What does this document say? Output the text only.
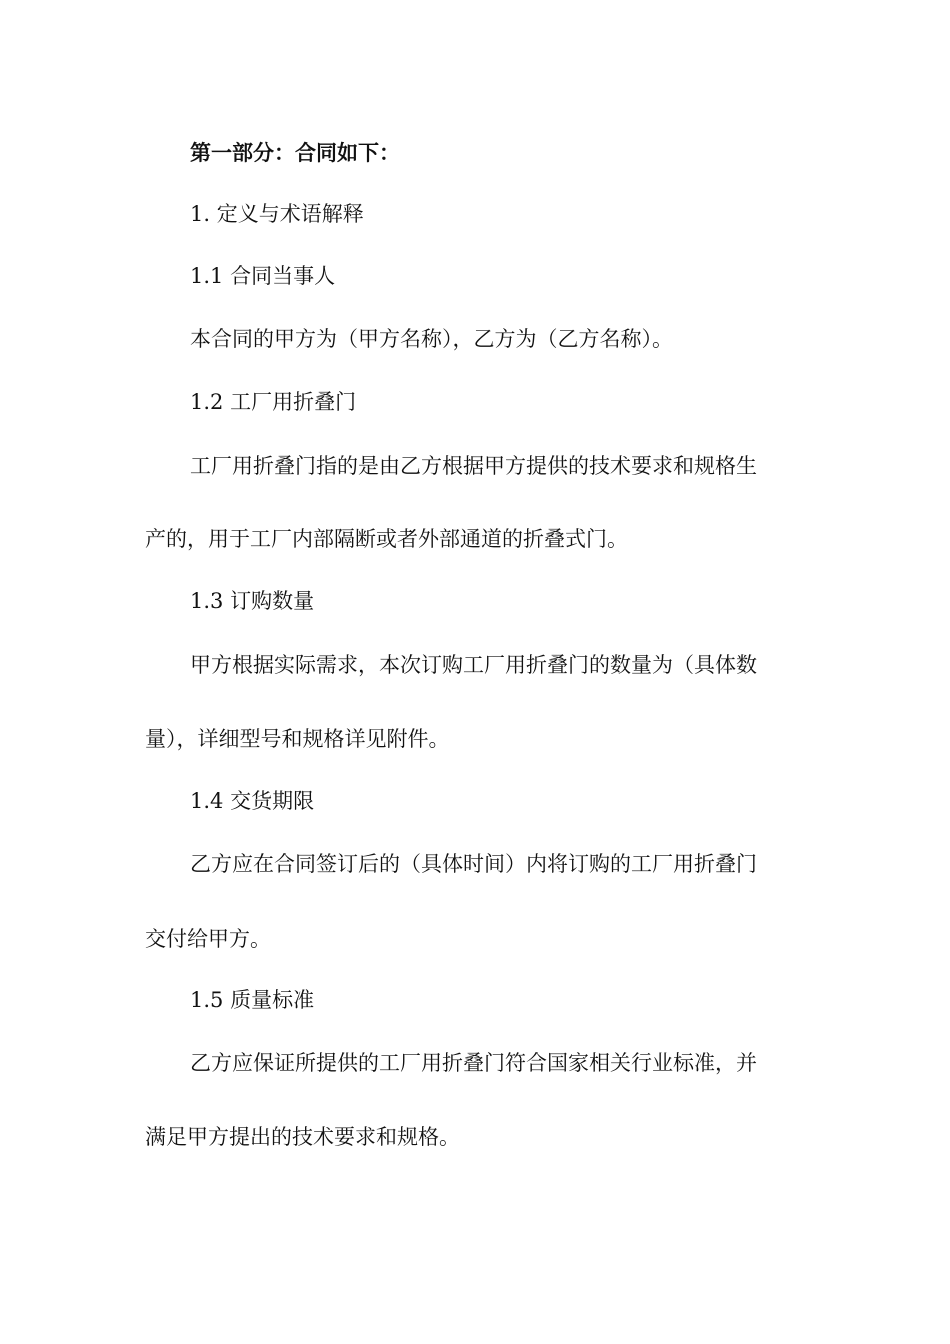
第一部分：合同如下：

1. 定义与术语解释

1.1 合同当事人

本合同的甲方为（甲方名称），乙方为（乙方名称）。

1.2 工厂用折叠门

工厂用折叠门指的是由乙方根据甲方提供的技术要求和规格生

产的，用于工厂内部隔断或者外部通道的折叠式门。

1.3 订购数量

甲方根据实际需求，本次订购工厂用折叠门的数量为（具体数

量），详细型号和规格详见附件。

1.4 交货期限

乙方应在合同签订后的（具体时间）内将订购的工厂用折叠门

交付给甲方。

1.5 质量标准

乙方应保证所提供的工厂用折叠门符合国家相关行业标准，并

满足甲方提出的技术要求和规格。
